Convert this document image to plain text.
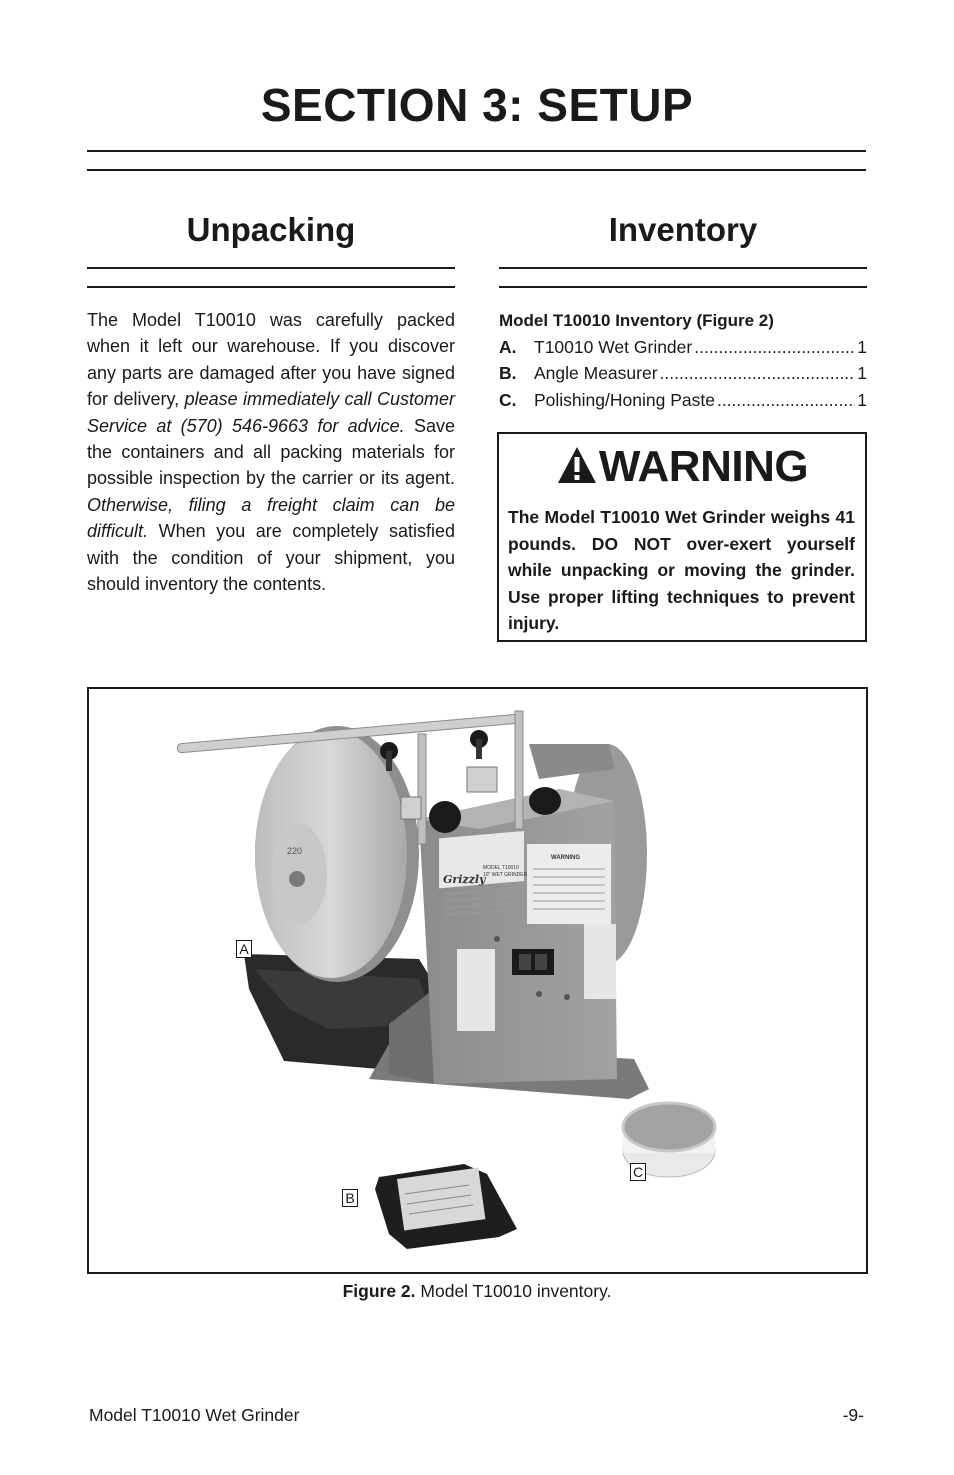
SECTION 3: SETUP
Unpacking

The Model T10010 was carefully packed when it left our warehouse. If you discover any parts are damaged after you have signed for delivery, please immediately call Customer Service at (570) 546-9663 for advice. Save the containers and all packing materials for possible inspection by the carrier or its agent. Otherwise, filing a freight claim can be difficult. When you are completely satisfied with the condition of your shipment, you should inventory the contents.

Inventory
Model T10010 Inventory (Figure 2)
A.	T10010 Wet Grinder .....	1
B.	Angle Measurer .....	1
C.	Polishing/Honing Paste .....	1
WARNING

The Model T10010 Wet Grinder weighs 41 pounds. DO NOT over-exert yourself while unpacking or moving the grinder. Use proper lifting techniques to prevent injury.

Grizzly
MODEL T10010
10" WET GRINDER
WARNING
220
A
B
C
Figure 2. Model T10010 inventory.
Model T10010 Wet Grinder	-9-
